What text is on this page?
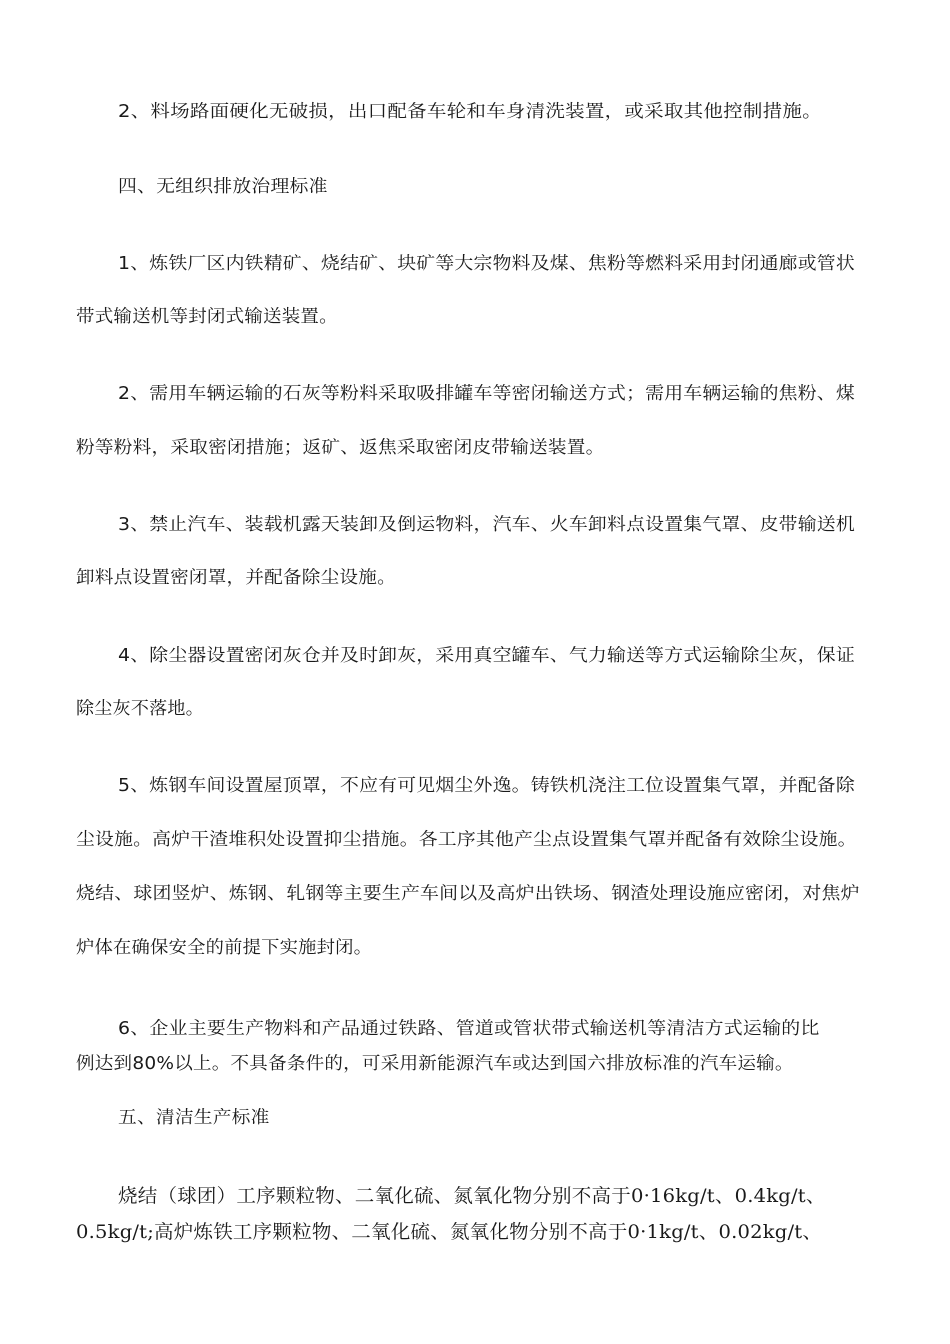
2、料场路面硬化无破损，出口配备车轮和车身清洗装置，或采取其他控制措施。
四、无组织排放治理标准
1、炼铁厂区内铁精矿、烧结矿、块矿等大宗物料及煤、焦粉等燃料采用封闭通廊或管状
带式输送机等封闭式输送装置。
2、需用车辆运输的石灰等粉料采取吸排罐车等密闭输送方式；需用车辆运输的焦粉、煤
粉等粉料，采取密闭措施；返矿、返焦采取密闭皮带输送装置。
3、禁止汽车、装载机露天装卸及倒运物料，汽车、火车卸料点设置集气罩、皮带输送机
卸料点设置密闭罩，并配备除尘设施。
4、除尘器设置密闭灰仓并及时卸灰，采用真空罐车、气力输送等方式运输除尘灰，保证
除尘灰不落地。
5、炼钢车间设置屋顶罩，不应有可见烟尘外逸。铸铁机浇注工位设置集气罩，并配备除
尘设施。高炉干渣堆积处设置抑尘措施。各工序其他产尘点设置集气罩并配备有效除尘设施。
烧结、球团竖炉、炼钢、轧钢等主要生产车间以及高炉出铁场、钢渣处理设施应密闭，对焦炉
炉体在确保安全的前提下实施封闭。
6、企业主要生产物料和产品通过铁路、管道或管状带式输送机等清洁方式运输的比
例达到80%以上。不具备条件的，可采用新能源汽车或达到国六排放标准的汽车运输。
五、清洁生产标准
烧结（球团）工序颗粒物、二氧化硫、氮氧化物分别不高于0·16kg/t、0.4kg/t、
0.5kg/t;高炉炼铁工序颗粒物、二氧化硫、氮氧化物分别不高于0·1kg/t、0.02kg/t、
